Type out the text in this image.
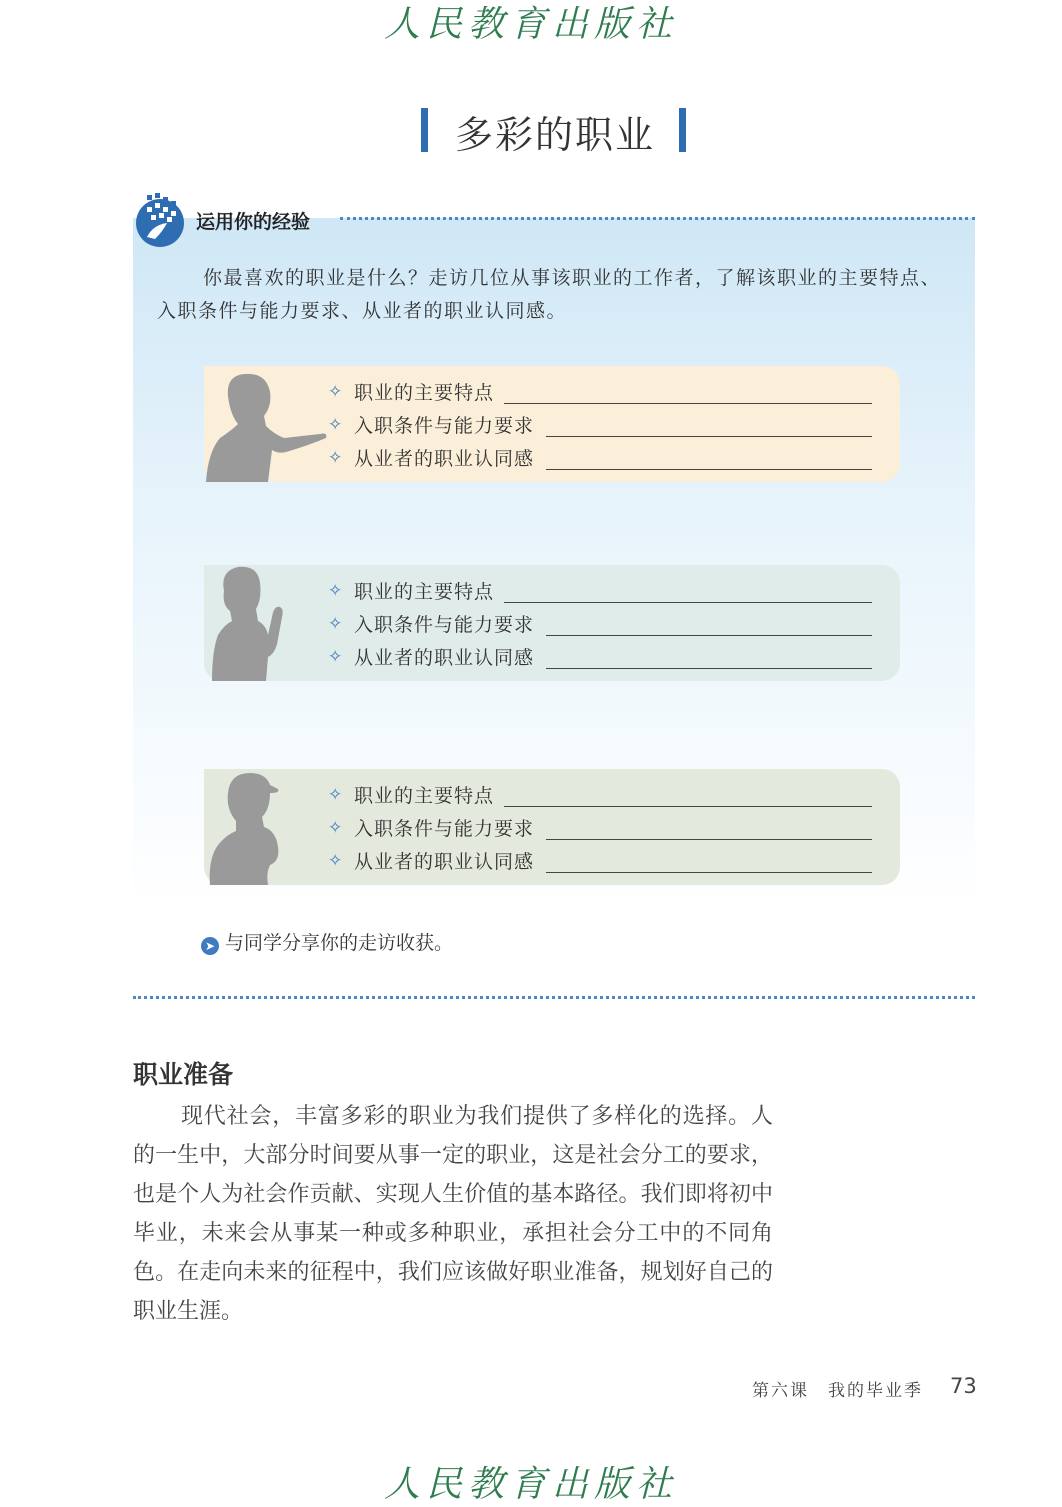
人民教育出版社
多彩的职业
运用你的经验
你最喜欢的职业是什么？走访几位从事该职业的工作者，了解该职业的主要特点、入职条件与能力要求、从业者的职业认同感。
✧ 职业的主要特点
✧ 入职条件与能力要求
✧ 从业者的职业认同感
✧ 职业的主要特点
✧ 入职条件与能力要求
✧ 从业者的职业认同感
✧ 职业的主要特点
✧ 入职条件与能力要求
✧ 从业者的职业认同感
➤ 与同学分享你的走访收获。
职业准备
现代社会，丰富多彩的职业为我们提供了多样化的选择。人的一生中，大部分时间要从事一定的职业，这是社会分工的要求，也是个人为社会作贡献、实现人生价值的基本路径。我们即将初中毕业，未来会从事某一种或多种职业，承担社会分工中的不同角色。在走向未来的征程中，我们应该做好职业准备，规划好自己的职业生涯。
第六课　我的毕业季 73
人民教育出版社
